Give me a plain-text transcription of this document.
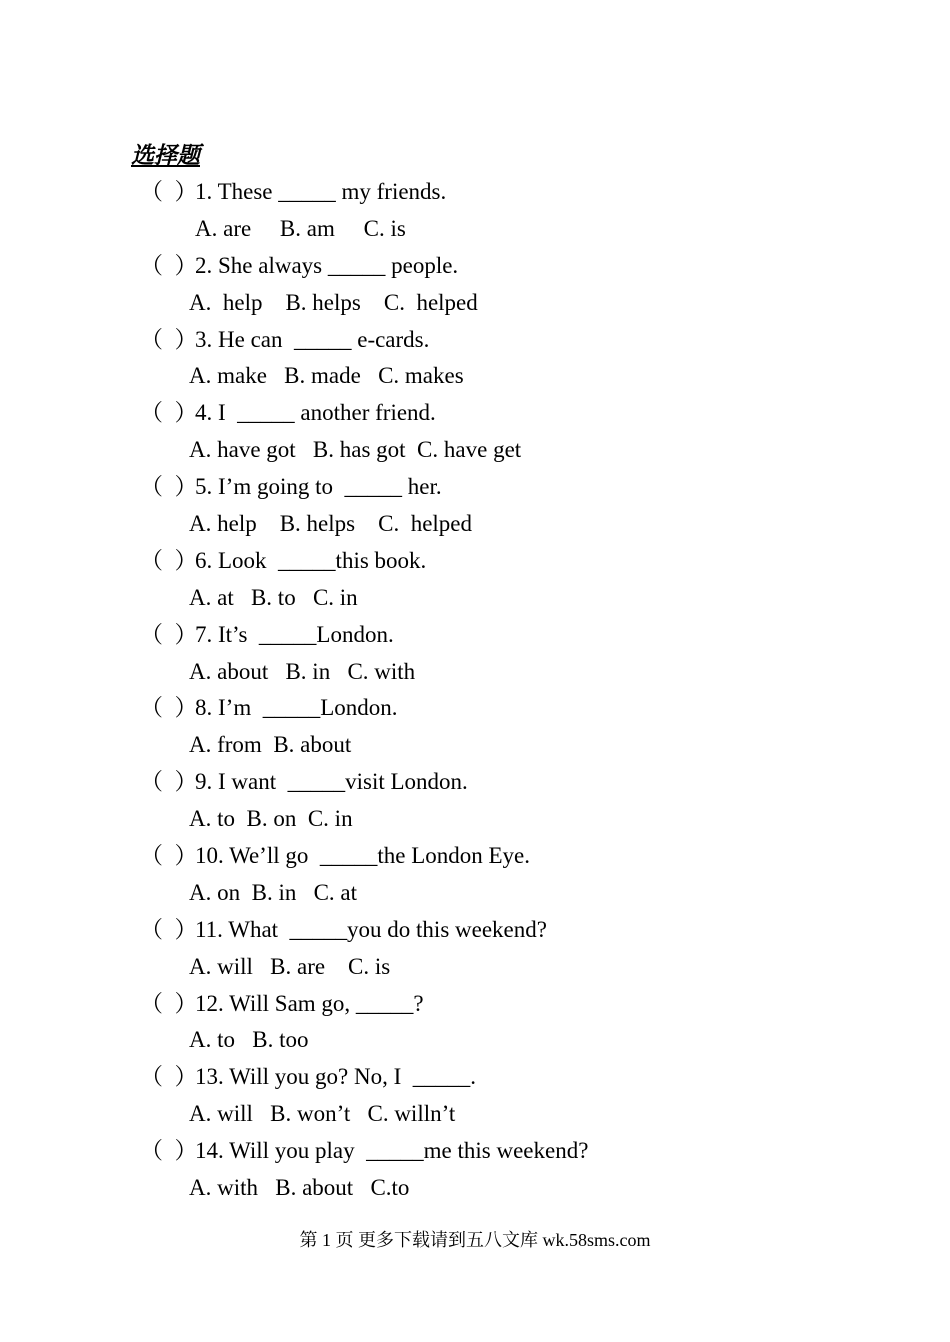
选择题
（  ）1. These _____ my friends.
A. are     B. am     C. is
（  ）2. She always _____ people.
A.  help    B. helps    C.  helped
（  ）3. He can  _____ e-cards.
A. make   B. made   C. makes
（  ）4. I  _____ another friend.
A. have got   B. has got  C. have get
（  ）5. I’m going to  _____ her.
A. help    B. helps    C.  helped
（  ）6. Look  _____this book.
A. at   B. to   C. in
（  ）7. It’s  _____London.
A. about   B. in   C. with
（  ）8. I’m  _____London.
A. from  B. about
（  ）9. I want  _____visit London.
A. to  B. on  C. in
（  ）10. We’ll go  _____the London Eye.
A. on  B. in   C. at
（  ）11. What  _____you do this weekend?
A. will   B. are    C. is
（  ）12. Will Sam go, _____?
A. to   B. too
（  ）13. Will you go? No, I  _____.
A. will   B. won’t   C. willn’t
（  ）14. Will you play  _____me this weekend?
A. with   B. about   C.to
第 1 页 更多下载请到五八文库 wk.58sms.com
